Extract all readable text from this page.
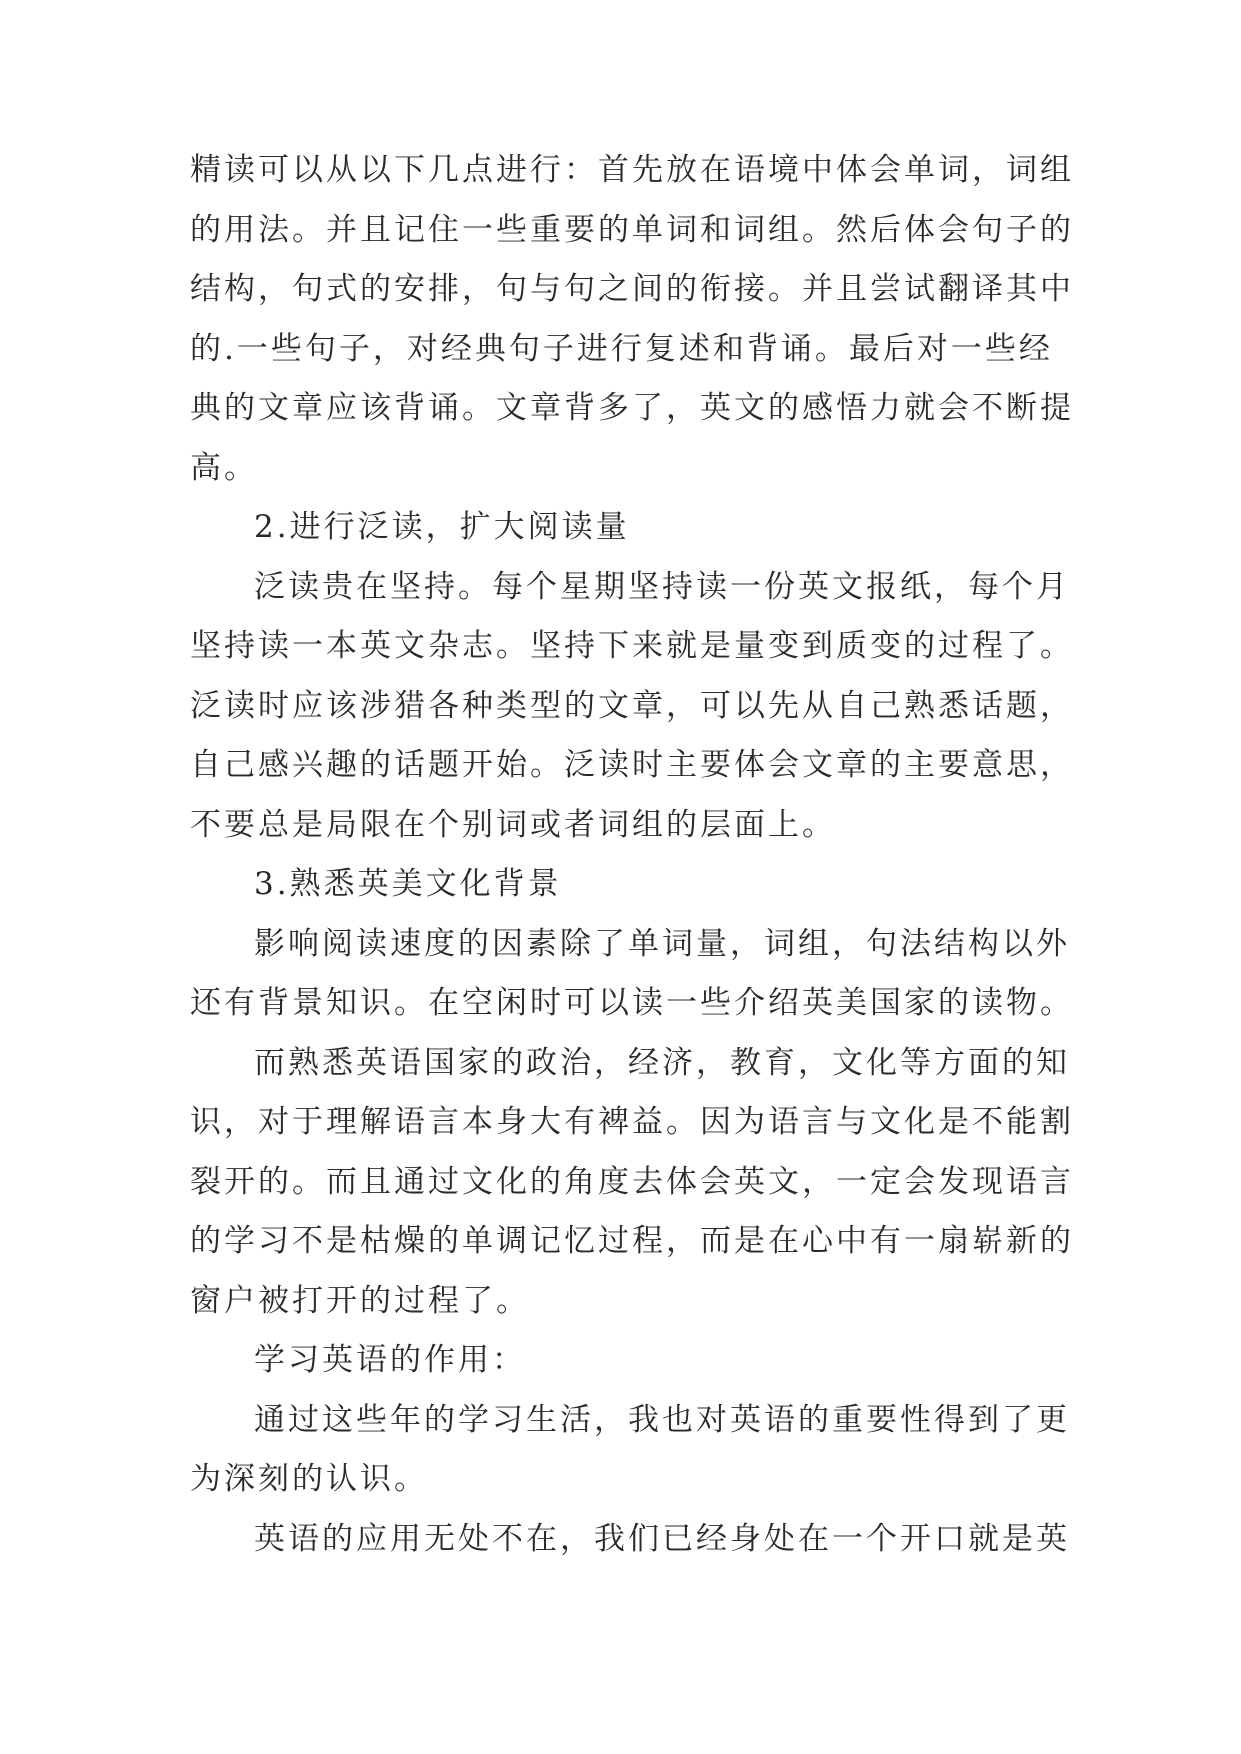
精读可以从以下几点进行：首先放在语境中体会单词，词组
的用法。并且记住一些重要的单词和词组。然后体会句子的
结构，句式的安排，句与句之间的衔接。并且尝试翻译其中
的.一些句子，对经典句子进行复述和背诵。最后对一些经
典的文章应该背诵。文章背多了，英文的感悟力就会不断提
高。
2.进行泛读，扩大阅读量
泛读贵在坚持。每个星期坚持读一份英文报纸，每个月
坚持读一本英文杂志。坚持下来就是量变到质变的过程了。
泛读时应该涉猎各种类型的文章，可以先从自己熟悉话题，
自己感兴趣的话题开始。泛读时主要体会文章的主要意思，
不要总是局限在个别词或者词组的层面上。
3.熟悉英美文化背景
影响阅读速度的因素除了单词量，词组，句法结构以外
还有背景知识。在空闲时可以读一些介绍英美国家的读物。
而熟悉英语国家的政治，经济，教育，文化等方面的知
识，对于理解语言本身大有裨益。因为语言与文化是不能割
裂开的。而且通过文化的角度去体会英文，一定会发现语言
的学习不是枯燥的单调记忆过程，而是在心中有一扇崭新的
窗户被打开的过程了。
学习英语的作用：
通过这些年的学习生活，我也对英语的重要性得到了更
为深刻的认识。
英语的应用无处不在，我们已经身处在一个开口就是英
